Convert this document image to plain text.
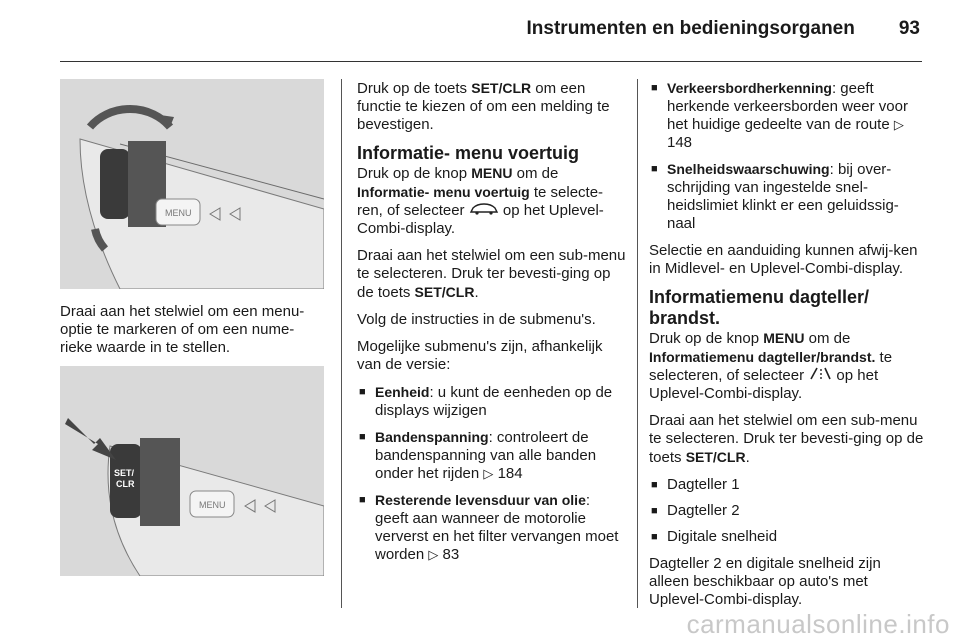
Instrumenten en bedieningsorganen 93
MENU

Draai aan het stelwiel om een menu-optie te markeren of om een nume-rieke waarde in te stellen.

SET/
CLR
MENU

Druk op de toets SET/CLR om een functie te kiezen of om een melding te bevestigen.

Informatie- menu voertuig

Druk op de knop MENU om de Informatie- menu voertuig te selecte-ren, of selecteer  op het Uplevel-Combi-display.

Draai aan het stelwiel om een sub-menu te selecteren. Druk ter bevesti-ging op de toets SET/CLR.

Volg de instructies in de submenu's.

Mogelijke submenu's zijn, afhankelijk van de versie:

■ Eenheid: u kunt de eenheden op de displays wijzigen
■ Bandenspanning: controleert de bandenspanning van alle banden onder het rijden ▷ 184
■ Resterende levensduur van olie: geeft aan wanneer de motorolie ververst en het filter vervangen moet worden ▷ 83
■ Verkeersbordherkenning: geeft herkende verkeersborden weer voor het huidige gedeelte van de route ▷ 148
■ Snelheidswaarschuwing: bij over-schrijding van ingestelde snel-heidslimiet klinkt er een geluidssig-naal

Selectie en aanduiding kunnen afwij-ken in Midlevel- en Uplevel-Combi-display.

Informatiemenu dagteller/ brandst.

Druk op de knop MENU om de Informatiemenu dagteller/brandst. te selecteren, of selecteer  op het Uplevel-Combi-display.

Draai aan het stelwiel om een sub-menu te selecteren. Druk ter bevesti-ging op de toets SET/CLR.

■ Dagteller 1
■ Dagteller 2
■ Digitale snelheid

Dagteller 2 en digitale snelheid zijn alleen beschikbaar op auto's met Uplevel-Combi-display.

carmanualsonline.info
